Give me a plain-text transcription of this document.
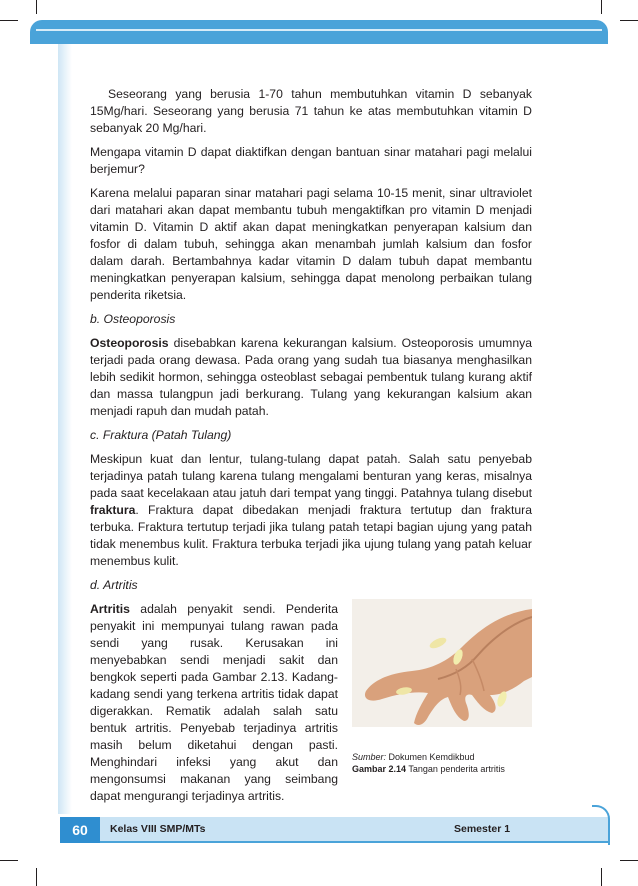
Seseorang yang berusia 1-70 tahun membutuhkan vitamin D sebanyak 15Mg/hari. Seseorang yang berusia 71 tahun ke atas membutuhkan vitamin D sebanyak 20 Mg/hari.

Mengapa vitamin D dapat diaktifkan dengan bantuan sinar matahari pagi melalui berjemur?

Karena melalui paparan sinar matahari pagi selama 10-15 menit, sinar ultraviolet dari matahari akan dapat membantu tubuh mengaktifkan pro vitamin D menjadi vitamin D. Vitamin D aktif akan dapat meningkatkan penyerapan kalsium dan fosfor di dalam tubuh, sehingga akan menambah jumlah kalsium dan fosfor dalam darah. Bertambahnya kadar vitamin D dalam tubuh dapat membantu meningkatkan penyerapan kalsium, sehingga dapat menolong perbaikan tulang penderita riketsia.

b. Osteoporosis

Osteoporosis disebabkan karena kekurangan kalsium. Osteoporosis umumnya terjadi pada orang dewasa. Pada orang yang sudah tua biasanya menghasilkan lebih sedikit hormon, sehingga osteoblast sebagai pembentuk tulang kurang aktif dan massa tulangpun jadi berkurang. Tulang yang kekurangan kalsium akan menjadi rapuh dan mudah patah.

c. Fraktura (Patah Tulang)

Meskipun kuat dan lentur, tulang-tulang dapat patah. Salah satu penyebab terjadinya patah tulang karena tulang mengalami benturan yang keras, misalnya pada saat kecelakaan atau jatuh dari tempat yang tinggi. Patahnya tulang disebut fraktura. Fraktura dapat dibedakan menjadi fraktura tertutup dan fraktura terbuka. Fraktura tertutup terjadi jika tulang patah tetapi bagian ujung yang patah tidak menembus kulit. Fraktura terbuka terjadi jika ujung tulang yang patah keluar menembus kulit.

d. Artritis

Artritis adalah penyakit sendi. Penderita penyakit ini mempunyai tulang rawan pada sendi yang rusak. Kerusakan ini menyebabkan sendi menjadi sakit dan bengkok seperti pada Gambar 2.13. Kadang-kadang sendi yang terkena artritis tidak dapat digerakkan. Rematik adalah salah satu bentuk artritis. Penyebab terjadinya artritis masih belum diketahui dengan pasti. Menghindari infeksi yang akut dan mengonsumsi makanan yang seimbang dapat mengurangi terjadinya artritis.

Sumber: Dokumen Kemdikbud
Gambar 2.14 Tangan penderita artritis
60	Kelas VIII SMP/MTs	Semester 1
